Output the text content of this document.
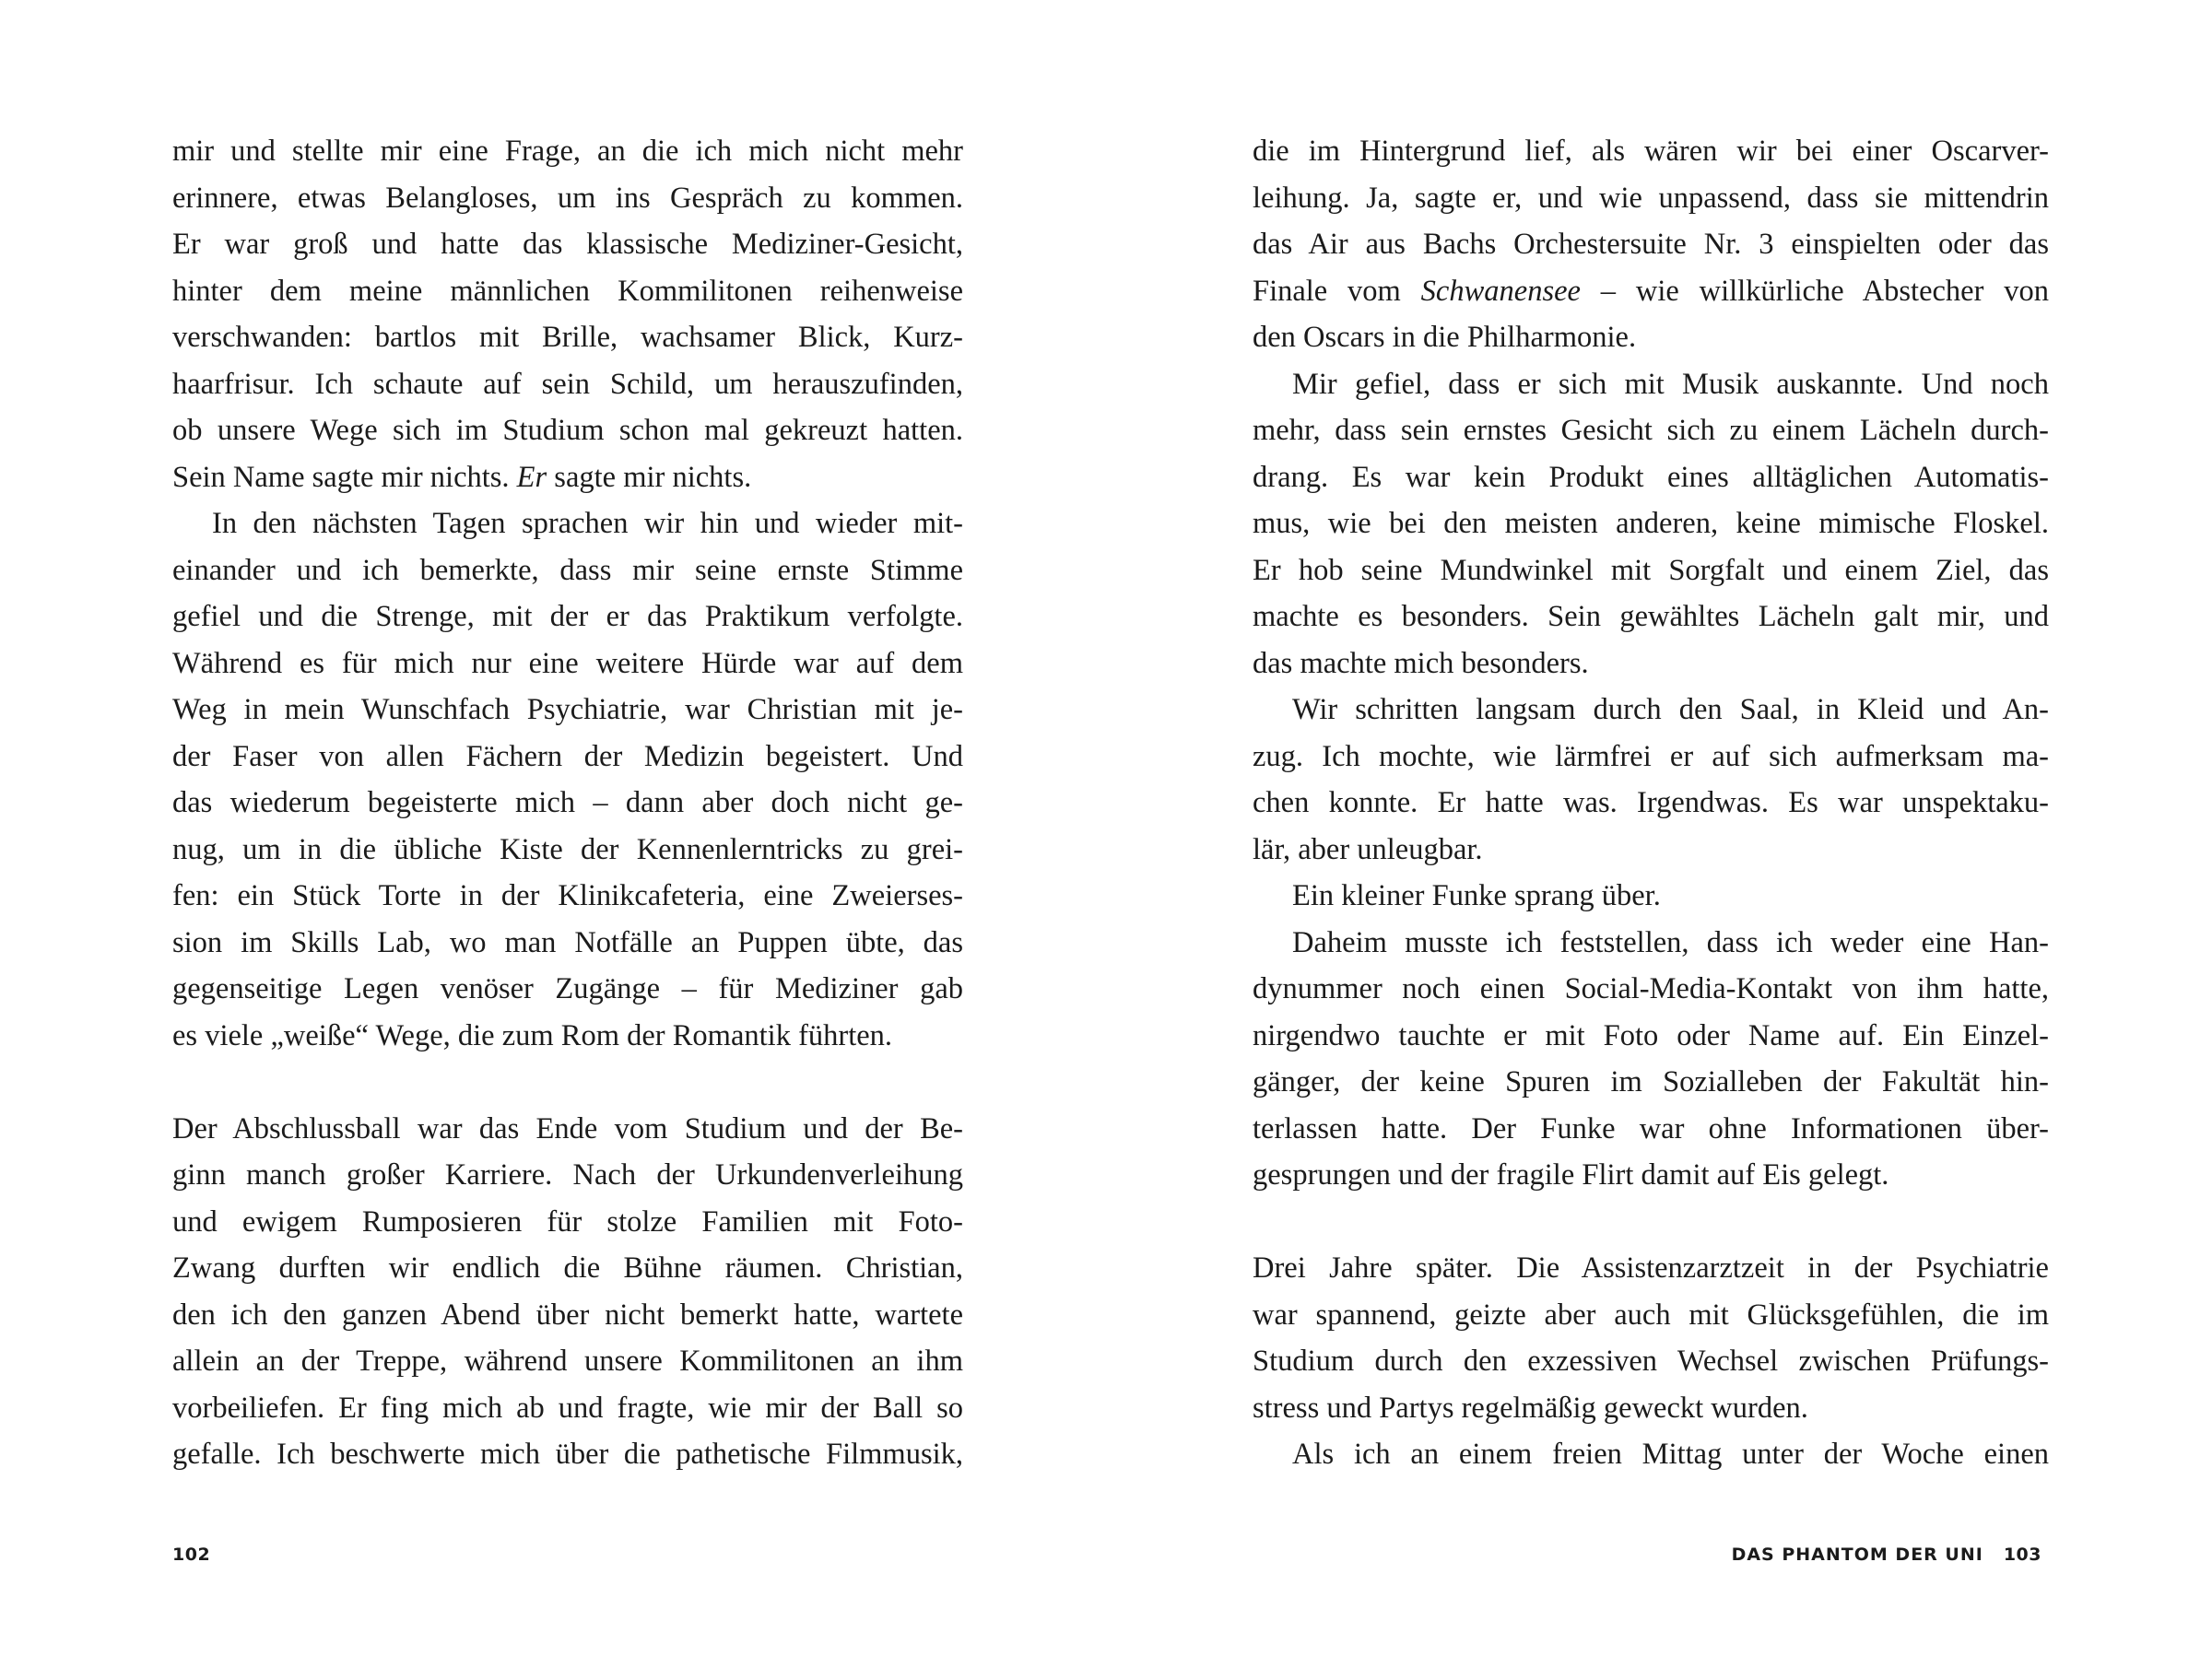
mir und stellte mir eine Frage, an die ich mich nicht mehr
erinnere, etwas Belangloses, um ins Gespräch zu kommen.
Er war groß und hatte das klassische Mediziner-Gesicht,
hinter dem meine männlichen Kommilitonen reihenweise
verschwanden: bartlos mit Brille, wachsamer Blick, Kurz-
haarfrisur. Ich schaute auf sein Schild, um herauszufinden,
ob unsere Wege sich im Studium schon mal gekreuzt hatten.
Sein Name sagte mir nichts. Er sagte mir nichts.
In den nächsten Tagen sprachen wir hin und wieder mit-
einander und ich bemerkte, dass mir seine ernste Stimme
gefiel und die Strenge, mit der er das Praktikum verfolgte.
Während es für mich nur eine weitere Hürde war auf dem
Weg in mein Wunschfach Psychiatrie, war Christian mit je-
der Faser von allen Fächern der Medizin begeistert. Und
das wiederum begeisterte mich – dann aber doch nicht ge-
nug, um in die übliche Kiste der Kennenlerntricks zu grei-
fen: ein Stück Torte in der Klinikcafeteria, eine Zweierses-
sion im Skills Lab, wo man Notfälle an Puppen übte, das
gegenseitige Legen venöser Zugänge – für Mediziner gab
es viele „weiße“ Wege, die zum Rom der Romantik führten.
Der Abschlussball war das Ende vom Studium und der Be-
ginn manch großer Karriere. Nach der Urkundenverleihung
und ewigem Rumposieren für stolze Familien mit Foto-
Zwang durften wir endlich die Bühne räumen. Christian,
den ich den ganzen Abend über nicht bemerkt hatte, wartete
allein an der Treppe, während unsere Kommilitonen an ihm
vorbeiliefen. Er fing mich ab und fragte, wie mir der Ball so
gefalle. Ich beschwerte mich über die pathetische Filmmusik,
die im Hintergrund lief, als wären wir bei einer Oscarver-
leihung. Ja, sagte er, und wie unpassend, dass sie mittendrin
das Air aus Bachs Orchestersuite Nr. 3 einspielten oder das
Finale vom Schwanensee – wie willkürliche Abstecher von
den Oscars in die Philharmonie.
Mir gefiel, dass er sich mit Musik auskannte. Und noch
mehr, dass sein ernstes Gesicht sich zu einem Lächeln durch-
drang. Es war kein Produkt eines alltäglichen Automatis-
mus, wie bei den meisten anderen, keine mimische Floskel.
Er hob seine Mundwinkel mit Sorgfalt und einem Ziel, das
machte es besonders. Sein gewähltes Lächeln galt mir, und
das machte mich besonders.
Wir schritten langsam durch den Saal, in Kleid und An-
zug. Ich mochte, wie lärmfrei er auf sich aufmerksam ma-
chen konnte. Er hatte was. Irgendwas. Es war unspektaku-
lär, aber unleugbar.
Ein kleiner Funke sprang über.
Daheim musste ich feststellen, dass ich weder eine Han-
dynummer noch einen Social-Media-Kontakt von ihm hatte,
nirgendwo tauchte er mit Foto oder Name auf. Ein Einzel-
gänger, der keine Spuren im Sozialleben der Fakultät hin-
terlassen hatte. Der Funke war ohne Informationen über-
gesprungen und der fragile Flirt damit auf Eis gelegt.
Drei Jahre später. Die Assistenzarztzeit in der Psychiatrie
war spannend, geizte aber auch mit Glücksgefühlen, die im
Studium durch den exzessiven Wechsel zwischen Prüfungs-
stress und Partys regelmäßig geweckt wurden.
Als ich an einem freien Mittag unter der Woche einen
102	DAS PHANTOM DER UNI 103
